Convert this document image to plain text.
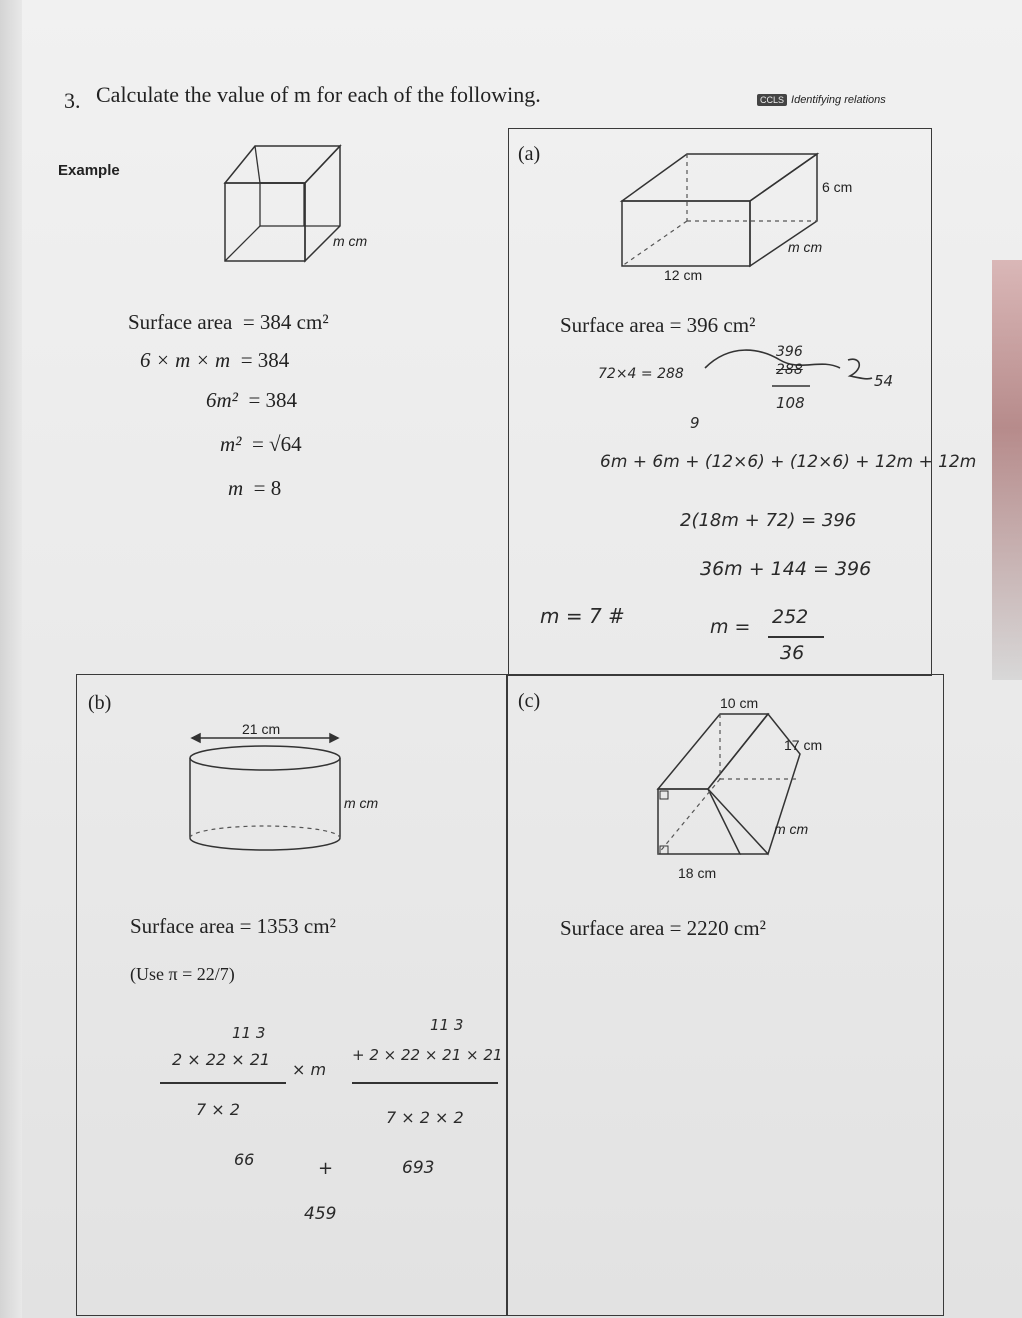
3. Calculate the value of m for each of the following.	CCLS Identifying relations
Example
m cm
Surface area = 384 cm²
6 × m × m = 384
6m² = 384
m² = √64
m = 8
(a)
6 cm
m cm
12 cm
Surface area = 396 cm²
72×4 = 288
396
288
108
54
9
6m + 6m + (12×6) + (12×6) + 12m + 12m
2(18m + 72) = 396
36m + 144 = 396
m = 7 #	m = 252
36
(b)
21 cm
m cm
Surface area = 1353 cm²
(Use π = 22/7)
11 3
2 × 22 × 21
7 × 2
× m
11 3
+ 2 × 22 × 21 × 21
7 × 2 × 2
66	+	693
459
(c)	10 cm
17 cm
m cm
18 cm
Surface area = 2220 cm²
